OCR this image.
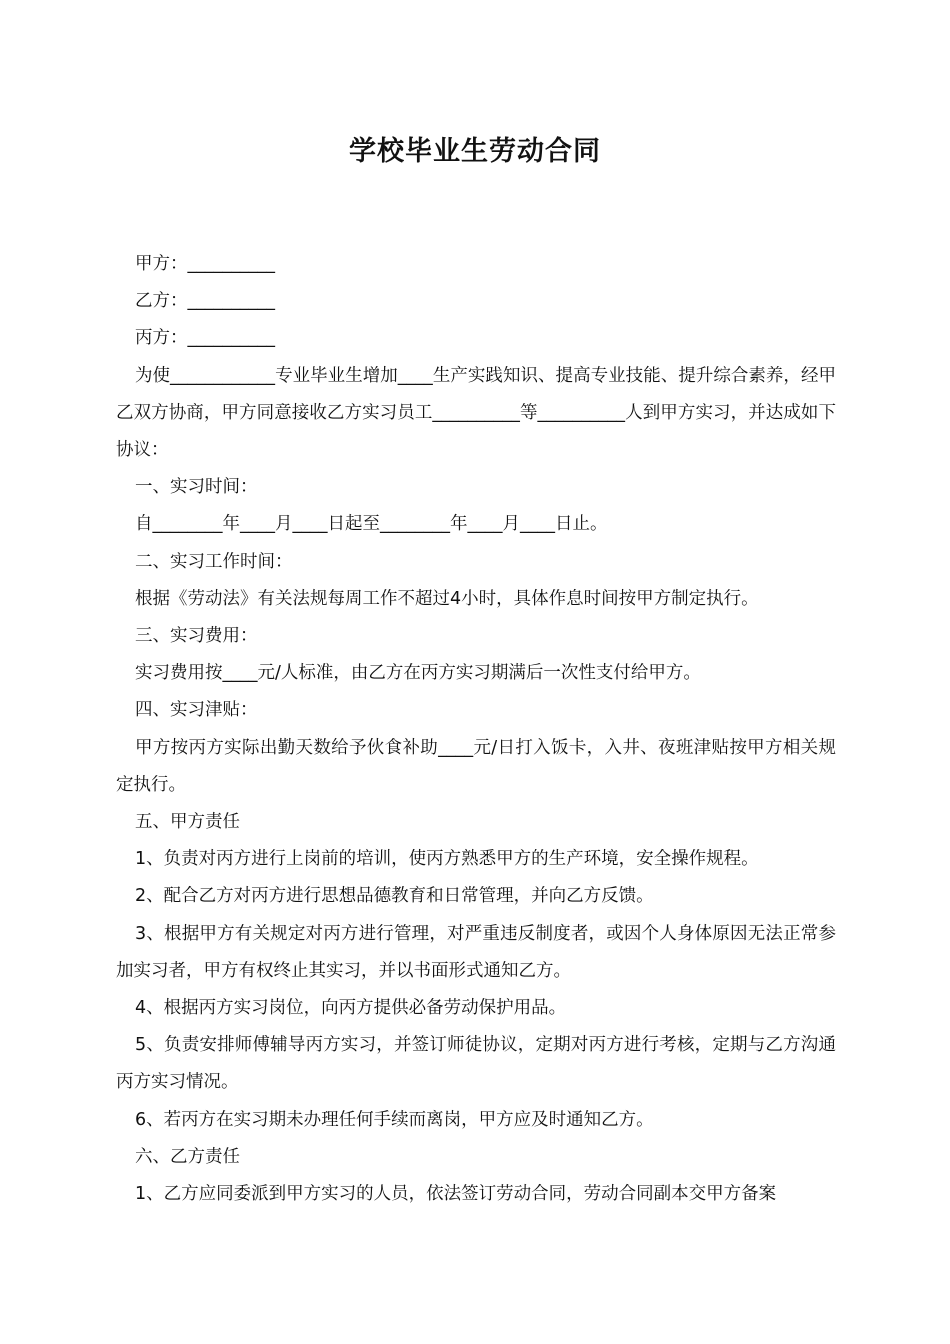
学校毕业生劳动合同

甲方：__________

乙方：__________

丙方：__________

为使____________专业毕业生增加____生产实践知识、提高专业技能、提升综合素养，经甲乙双方协商，甲方同意接收乙方实习员工__________等__________人到甲方实习，并达成如下协议：

一、实习时间：

自________年____月____日起至________年____月____日止。

二、实习工作时间：

根据《劳动法》有关法规每周工作不超过4小时，具体作息时间按甲方制定执行。

三、实习费用：

实习费用按____元/人标准，由乙方在丙方实习期满后一次性支付给甲方。

四、实习津贴：

甲方按丙方实际出勤天数给予伙食补助____元/日打入饭卡，入井、夜班津贴按甲方相关规定执行。

五、甲方责任

1、负责对丙方进行上岗前的培训，使丙方熟悉甲方的生产环境，安全操作规程。

2、配合乙方对丙方进行思想品德教育和日常管理，并向乙方反馈。

3、根据甲方有关规定对丙方进行管理，对严重违反制度者，或因个人身体原因无法正常参加实习者，甲方有权终止其实习，并以书面形式通知乙方。

4、根据丙方实习岗位，向丙方提供必备劳动保护用品。

5、负责安排师傅辅导丙方实习，并签订师徒协议，定期对丙方进行考核，定期与乙方沟通丙方实习情况。

6、若丙方在实习期未办理任何手续而离岗，甲方应及时通知乙方。

六、乙方责任

1、乙方应同委派到甲方实习的人员，依法签订劳动合同，劳动合同副本交甲方备案
